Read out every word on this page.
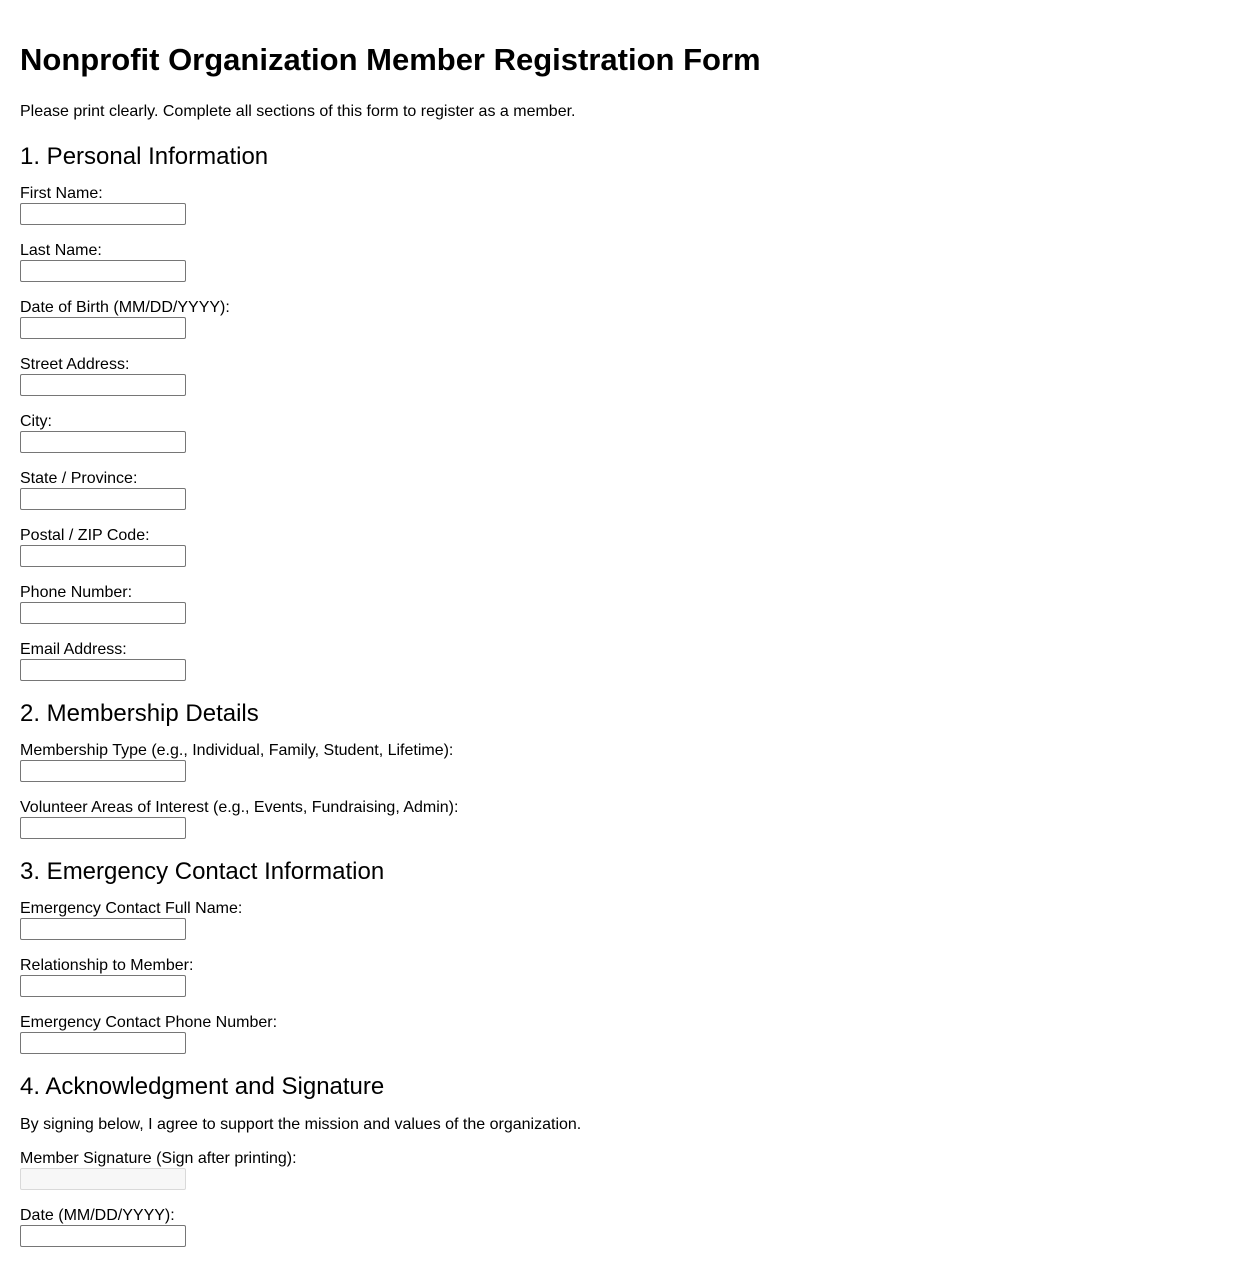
Nonprofit Organization Member Registration Form

Please print clearly. Complete all sections of this form to register as a member.

1. Personal Information
First Name:
Last Name:
Date of Birth (MM/DD/YYYY):
Street Address:
City:
State / Province:
Postal / ZIP Code:
Phone Number:
Email Address:
2. Membership Details
Membership Type (e.g., Individual, Family, Student, Lifetime):
Volunteer Areas of Interest (e.g., Events, Fundraising, Admin):
3. Emergency Contact Information
Emergency Contact Full Name:
Relationship to Member:
Emergency Contact Phone Number:
4. Acknowledgment and Signature

By signing below, I agree to support the mission and values of the organization.

Member Signature (Sign after printing):
Date (MM/DD/YYYY):
